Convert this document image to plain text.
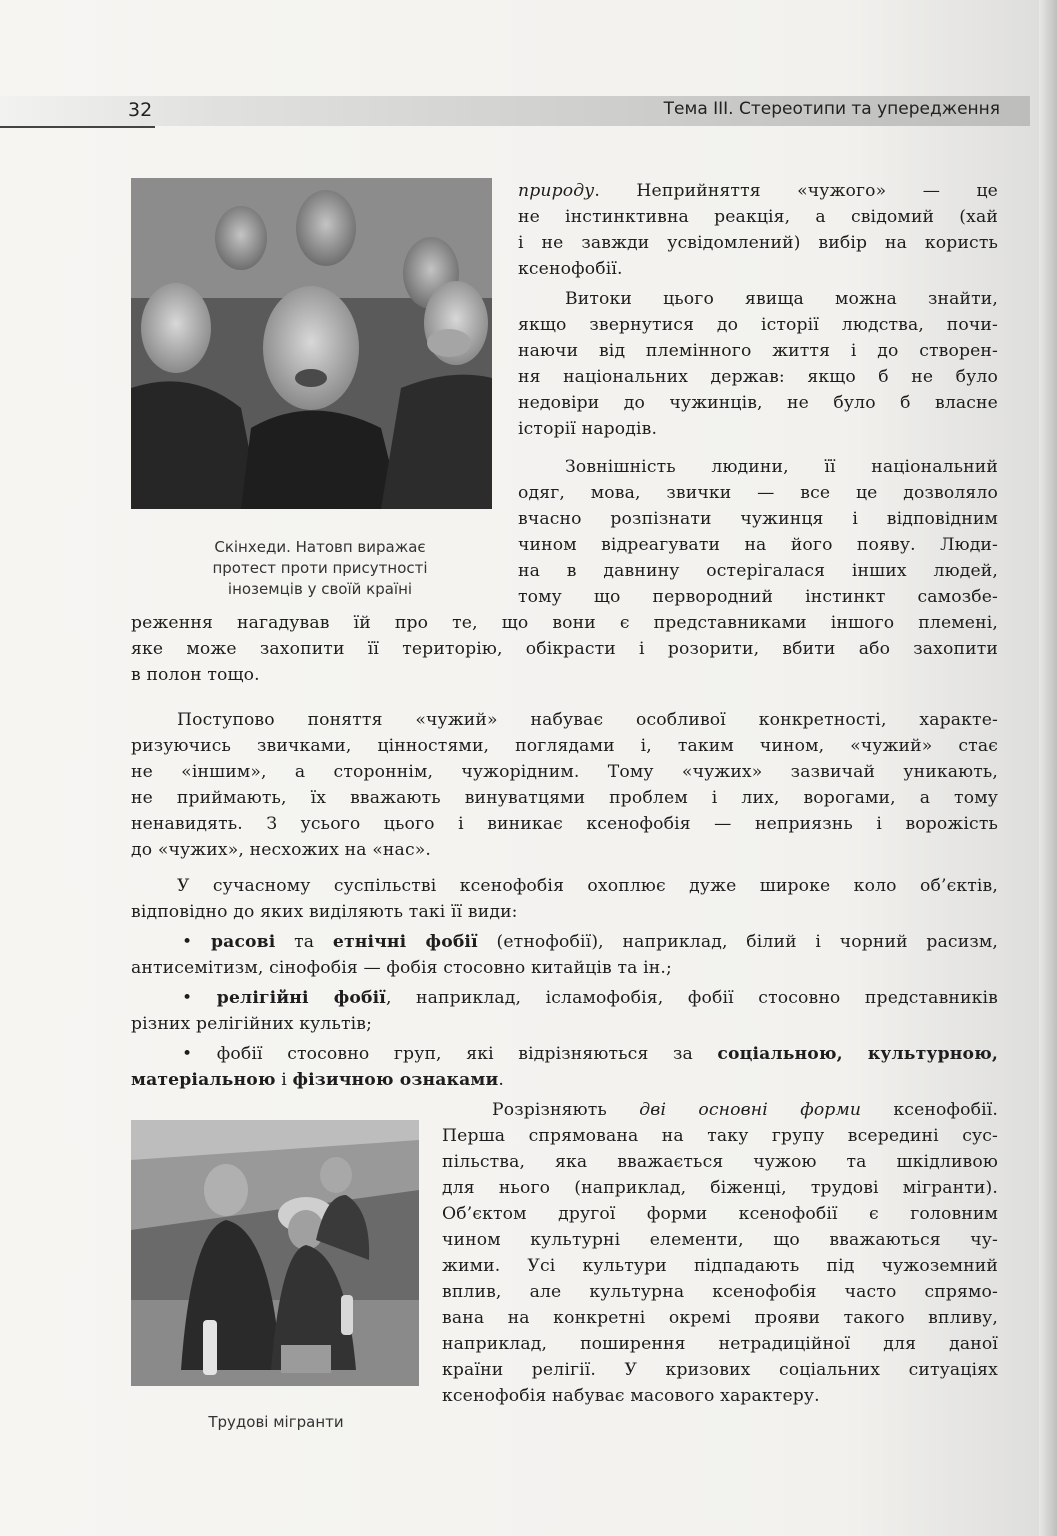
32	Тема III. Стереотипи та упередження
Скінхеди. Натовп виражає
протест проти присутності
іноземців у своїй країні
Трудові мігранти
природу. Неприйняття «чужого» — це
не інстинктивна реакція, а свідомий (хай
і не завжди усвідомлений) вибір на користь
ксенофобії.
Витоки цього явища можна знайти,
якщо звернутися до історії людства, почи-
наючи від племінного життя і до створен-
ня національних держав: якщо б не було
недовіри до чужинців, не було б власне
історії народів.
Зовнішність людини, її національний
одяг, мова, звички — все це дозволяло
вчасно розпізнати чужинця і відповідним
чином відреагувати на його появу. Люди-
на в давнину остерігалася інших людей,
тому що первородний інстинкт самозбе-
реження нагадував їй про те, що вони є представниками іншого племені,
яке може захопити її територію, обікрасти і розорити, вбити або захопити
в полон тощо.
Поступово поняття «чужий» набуває особливої конкретності, характе-
ризуючись звичками, цінностями, поглядами і, таким чином, «чужий» стає
не «іншим», а стороннім, чужорідним. Тому «чужих» зазвичай уникають,
не приймають, їх вважають винуватцями проблем і лих, ворогами, а тому
ненавидять. З усього цього і виникає ксенофобія — неприязнь і ворожість
до «чужих», несхожих на «нас».
У сучасному суспільстві ксенофобія охоплює дуже широке коло об’єктів,
відповідно до яких виділяють такі її види:
• расові та етнічні фобії (етнофобії), наприклад, білий і чорний расизм,
антисемітизм, сінофобія — фобія стосовно китайців та ін.;
• релігійні фобії, наприклад, ісламофобія, фобії стосовно представників
різних релігійних культів;
• фобії стосовно груп, які відрізняються за соціальною, культурною,
матеріальною і фізичною ознаками.
Розрізняють дві основні форми ксенофобії.
Перша спрямована на таку групу всередині сус-
пільства, яка вважається чужою та шкідливою
для нього (наприклад, біженці, трудові мігранти).
Об’єктом другої форми ксенофобії є головним
чином культурні елементи, що вважаються чу-
жими. Усі культури підпадають під чужоземний
вплив, але культурна ксенофобія часто спрямо-
вана на конкретні окремі прояви такого впливу,
наприклад, поширення нетрадиційної для даної
країни релігії. У кризових соціальних ситуаціях
ксенофобія набуває масового характеру.
